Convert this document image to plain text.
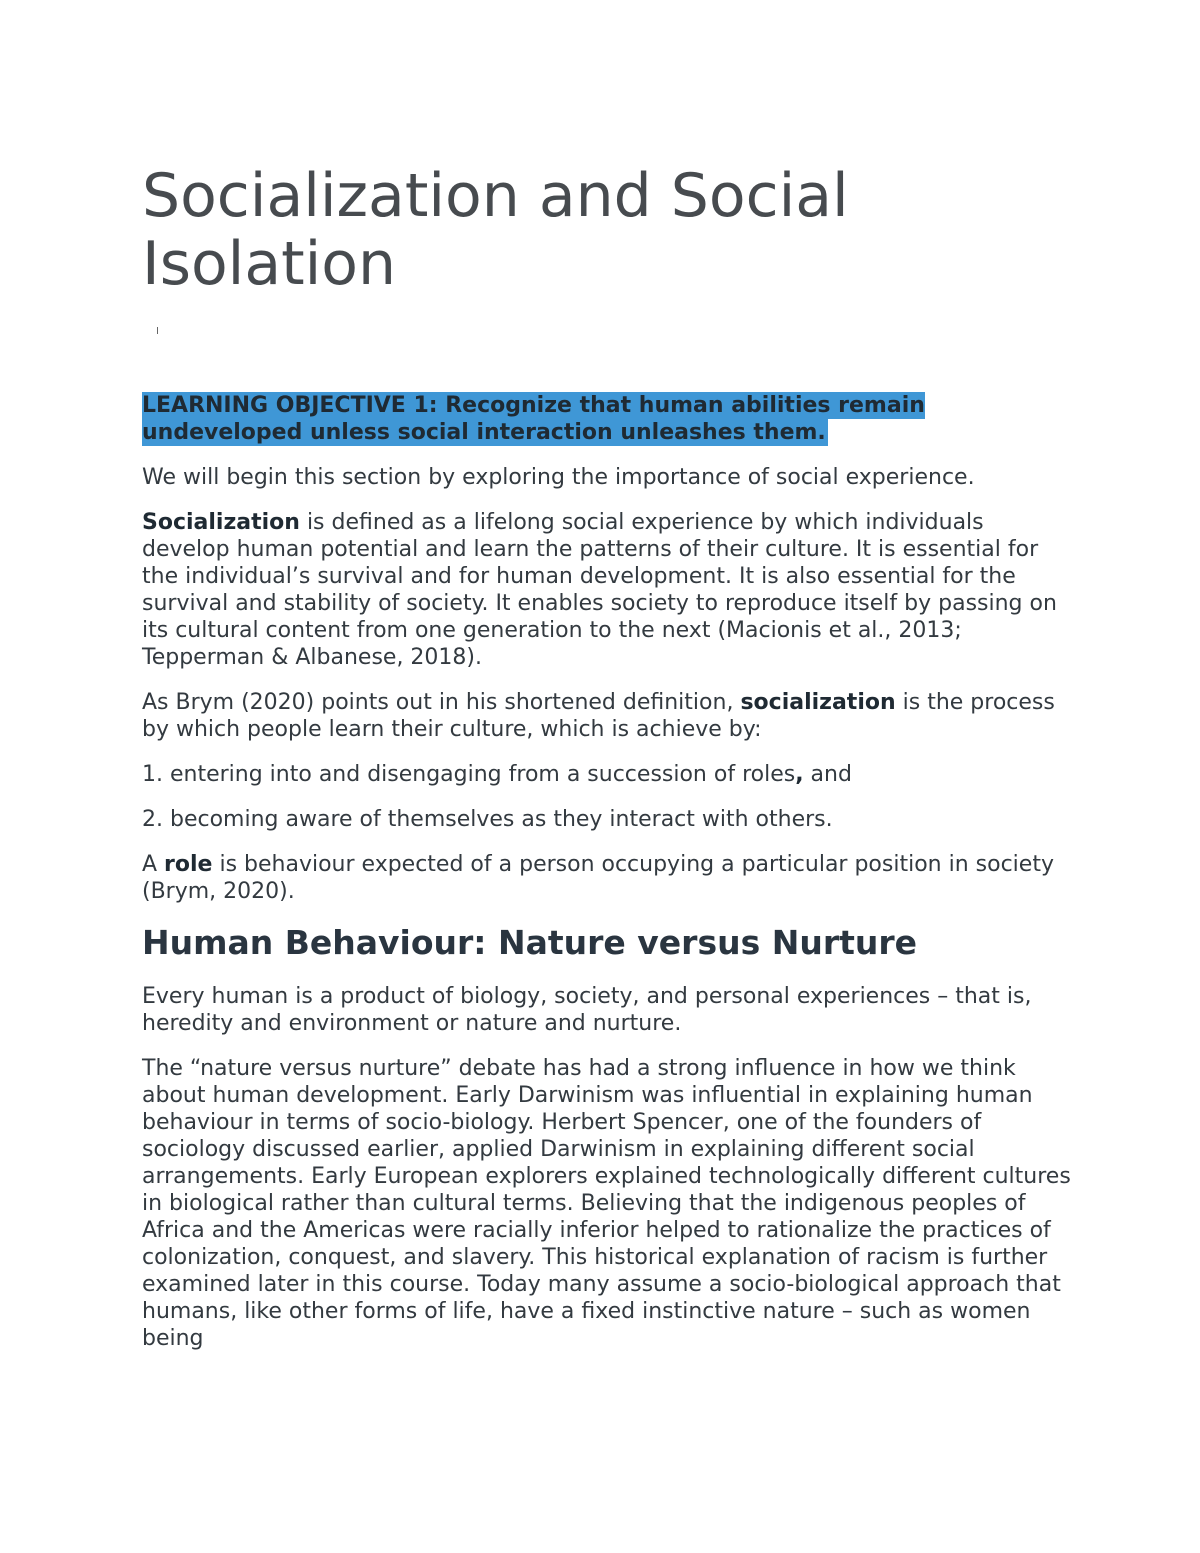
Socialization and Social Isolation

LEARNING OBJECTIVE 1: Recognize that human abilities remain undeveloped unless social interaction unleashes them.

We will begin this section by exploring the importance of social experience.

Socialization is defined as a lifelong social experience by which individuals develop human potential and learn the patterns of their culture. It is essential for the individual’s survival and for human development. It is also essential for the survival and stability of society. It enables society to reproduce itself by passing on its cultural content from one generation to the next (Macionis et al., 2013; Tepperman & Albanese, 2018).

As Brym (2020) points out in his shortened definition, socialization is the process by which people learn their culture, which is achieve by:

1. entering into and disengaging from a succession of roles, and

2. becoming aware of themselves as they interact with others.

A role is behaviour expected of a person occupying a particular position in society (Brym, 2020).

Human Behaviour: Nature versus Nurture

Every human is a product of biology, society, and personal experiences – that is, heredity and environment or nature and nurture.

The “nature versus nurture” debate has had a strong influence in how we think about human development. Early Darwinism was influential in explaining human behaviour in terms of socio-biology. Herbert Spencer, one of the founders of sociology discussed earlier, applied Darwinism in explaining different social arrangements. Early European explorers explained technologically different cultures in biological rather than cultural terms. Believing that the indigenous peoples of Africa and the Americas were racially inferior helped to rationalize the practices of colonization, conquest, and slavery. This historical explanation of racism is further examined later in this course. Today many assume a socio-biological approach that humans, like other forms of life, have a fixed instinctive nature – such as women being
